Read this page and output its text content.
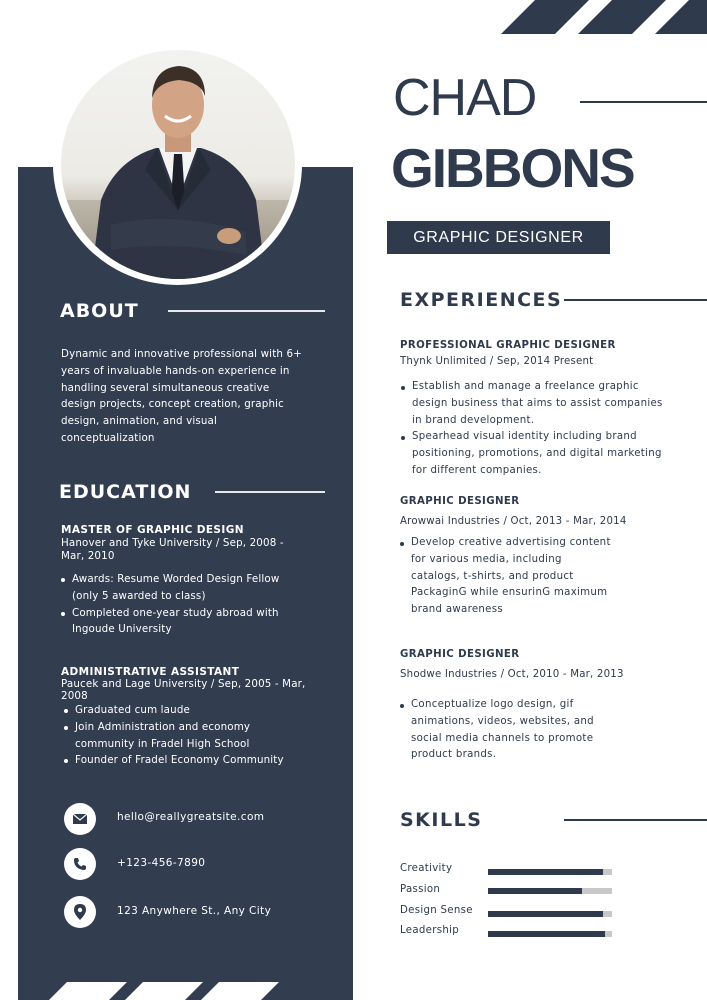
ABOUT
Dynamic and innovative professional with 6+
years of invaluable hands-on experience in
handling several simultaneous creative
design projects, concept creation, graphic
design, animation, and visual
conceptualization
EDUCATION
MASTER OF GRAPHIC DESIGN
Hanover and Tyke University / Sep, 2008 -
Mar, 2010
Awards: Resume Worded Design Fellow
(only 5 awarded to class)
Completed one-year study abroad with
Ingoude University
ADMINISTRATIVE ASSISTANT
Paucek and Lage University / Sep, 2005 - Mar,
2008
Graduated cum laude
Join Administration and economy
community in Fradel High School
Founder of Fradel Economy Community
hello@reallygreatsite.com
+123-456-7890
123 Anywhere St., Any City
CHAD
GIBBONS
GRAPHIC DESIGNER
EXPERIENCES
PROFESSIONAL GRAPHIC DESIGNER
Thynk Unlimited / Sep, 2014 Present
Establish and manage a freelance graphic
design business that aims to assist companies
in brand development.
Spearhead visual identity including brand
positioning, promotions, and digital marketing
for different companies.
GRAPHIC DESIGNER
Arowwai Industries / Oct, 2013 - Mar, 2014
Develop creative advertising content
for various media, including
catalogs, t-shirts, and product
PackaginG while ensurinG maximum
brand awareness
GRAPHIC DESIGNER
Shodwe Industries / Oct, 2010 - Mar, 2013
Conceptualize logo design, gif
animations, videos, websites, and
social media channels to promote
product brands.
SKILLS
Creativity
Passion
Design Sense
Leadership
